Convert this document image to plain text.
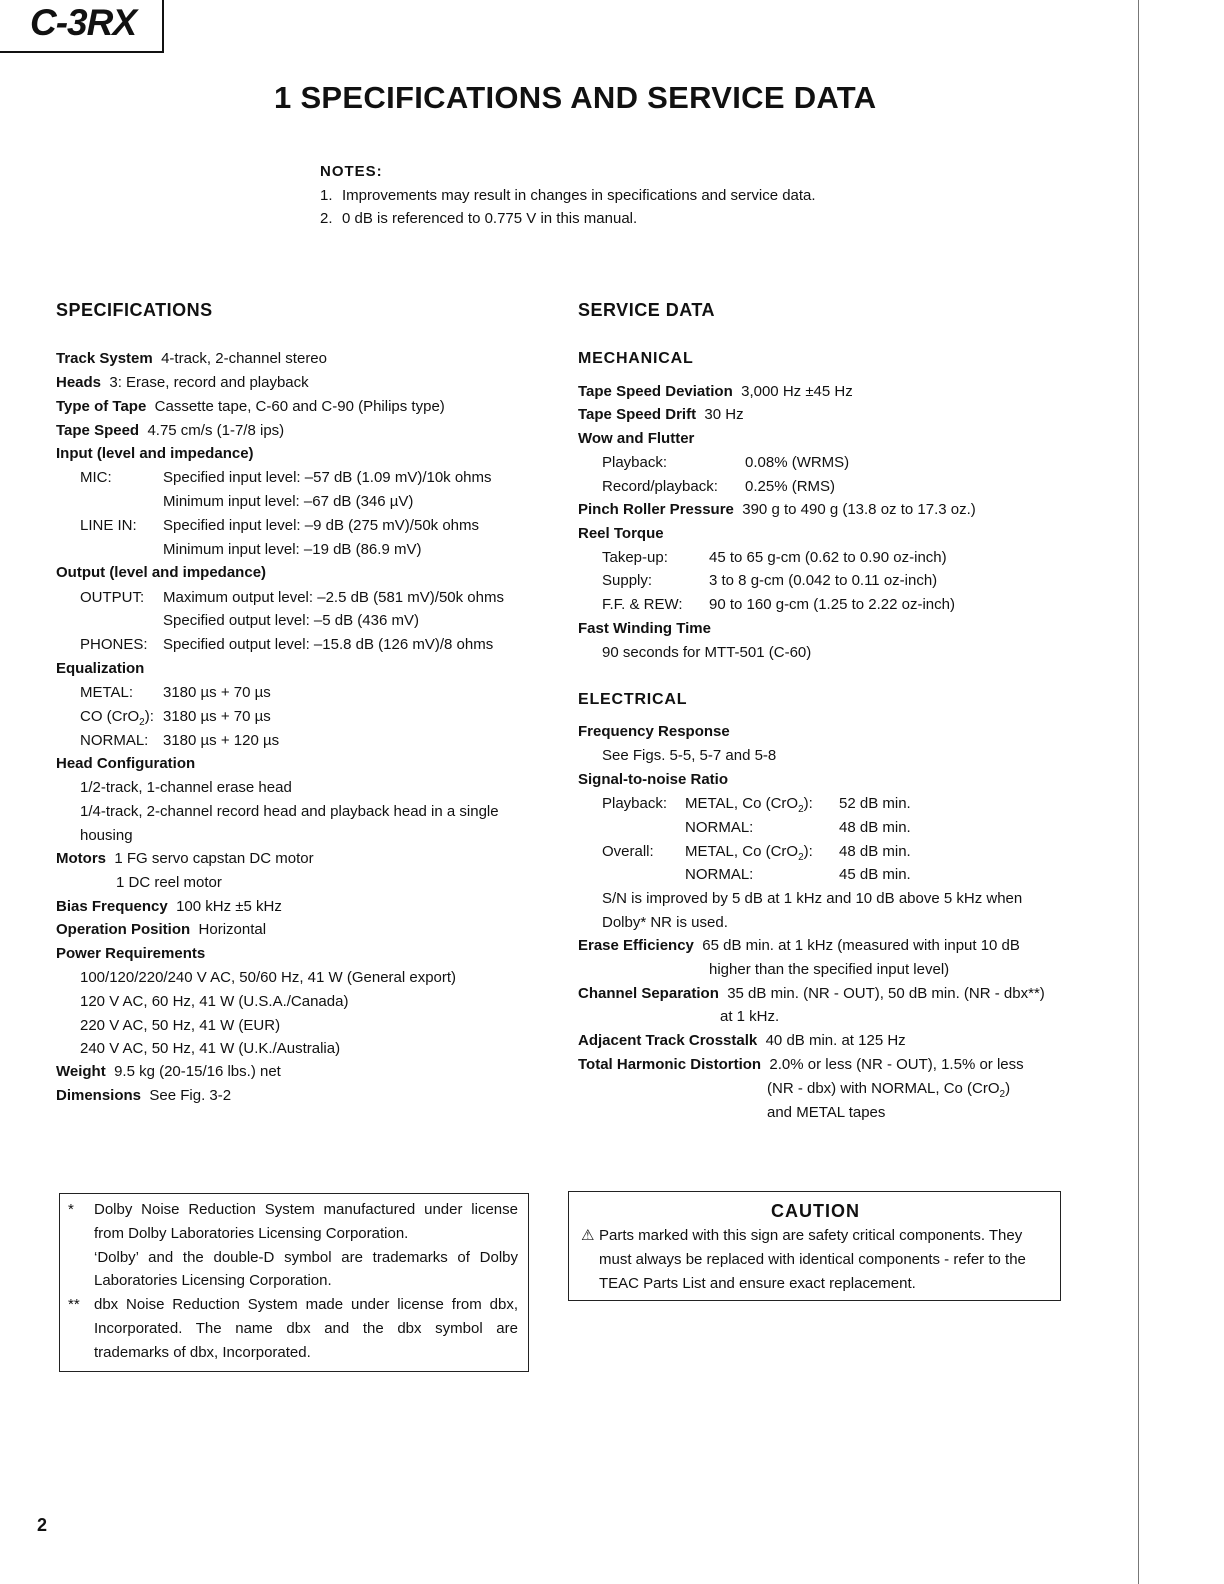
C-3RX
1 SPECIFICATIONS AND SERVICE DATA
NOTES:
1. Improvements may result in changes in specifications and service data.
2. 0 dB is referenced to 0.775 V in this manual.
SPECIFICATIONS
Track System 4-track, 2-channel stereo
Heads 3: Erase, record and playback
Type of Tape Cassette tape, C-60 and C-90 (Philips type)
Tape Speed 4.75 cm/s (1-7/8 ips)
Input (level and impedance)
MIC:	Specified input level: –57 dB (1.09 mV)/10k ohms
Minimum input level: –67 dB (346 µV)
LINE IN: Specified input level: –9 dB (275 mV)/50k ohms
Minimum input level: –19 dB (86.9 mV)
Output (level and impedance)
OUTPUT: Maximum output level: –2.5 dB (581 mV)/50k ohms
Specified output level: –5 dB (436 mV)
PHONES: Specified output level: –15.8 dB (126 mV)/8 ohms
Equalization
METAL: 3180 µs + 70 µs
CO (CrO$_2$): 3180 µs + 70 µs
NORMAL: 3180 µs + 120 µs
Head Configuration
1/2-track, 1-channel erase head
1/4-track, 2-channel record head and playback head in a single
housing
Motors 1 FG servo capstan DC motor
1 DC reel motor
Bias Frequency 100 kHz ±5 kHz
Operation Position Horizontal
Power Requirements
100/120/220/240 V AC, 50/60 Hz, 41 W (General export)
120 V AC, 60 Hz, 41 W (U.S.A./Canada)
220 V AC, 50 Hz, 41 W (EUR)
240 V AC, 50 Hz, 41 W (U.K./Australia)
Weight 9.5 kg (20-15/16 lbs.) net
Dimensions See Fig. 3-2
SERVICE DATA
MECHANICAL
Tape Speed Deviation 3,000 Hz ±45 Hz
Tape Speed Drift 30 Hz
Wow and Flutter
Playback:	0.08% (WRMS)
Record/playback: 0.25% (RMS)
Pinch Roller Pressure 390 g to 490 g (13.8 oz to 17.3 oz.)
Reel Torque
Takep-up:	45 to 65 g-cm (0.62 to 0.90 oz-inch)
Supply:	3 to 8 g-cm (0.042 to 0.11 oz-inch)
F.F. & REW: 90 to 160 g-cm (1.25 to 2.22 oz-inch)
Fast Winding Time
90 seconds for MTT-501 (C-60)
ELECTRICAL
Frequency Response
See Figs. 5-5, 5-7 and 5-8
Signal-to-noise Ratio
Playback: METAL, Co (CrO$_2$): 52 dB min.
NORMAL:	48 dB min.
Overall: METAL, Co (CrO$_2$): 48 dB min.
NORMAL:	45 dB min.
S/N is improved by 5 dB at 1 kHz and 10 dB above 5 kHz when
Dolby* NR is used.
Erase Efficiency 65 dB min. at 1 kHz (measured with input 10 dB
higher than the specified input level)
Channel Separation 35 dB min. (NR - OUT), 50 dB min. (NR - dbx**)
at 1 kHz.
Adjacent Track Crosstalk 40 dB min. at 125 Hz
Total Harmonic Distortion 2.0% or less (NR - OUT), 1.5% or less
(NR - dbx) with NORMAL, Co (CrO$_2$)
and METAL tapes
*	Dolby Noise Reduction System manufactured under license from Dolby Laboratories Licensing Corporation.
‘Dolby’ and the double-D symbol are trademarks of Dolby Laboratories Licensing Corporation.
** dbx Noise Reduction System made under license from dbx, Incorporated. The name dbx and the dbx symbol are trademarks of dbx, Incorporated.
CAUTION
⚠ Parts marked with this sign are safety critical components. They must always be replaced with identical components - refer to the TEAC Parts List and ensure exact replacement.
2
